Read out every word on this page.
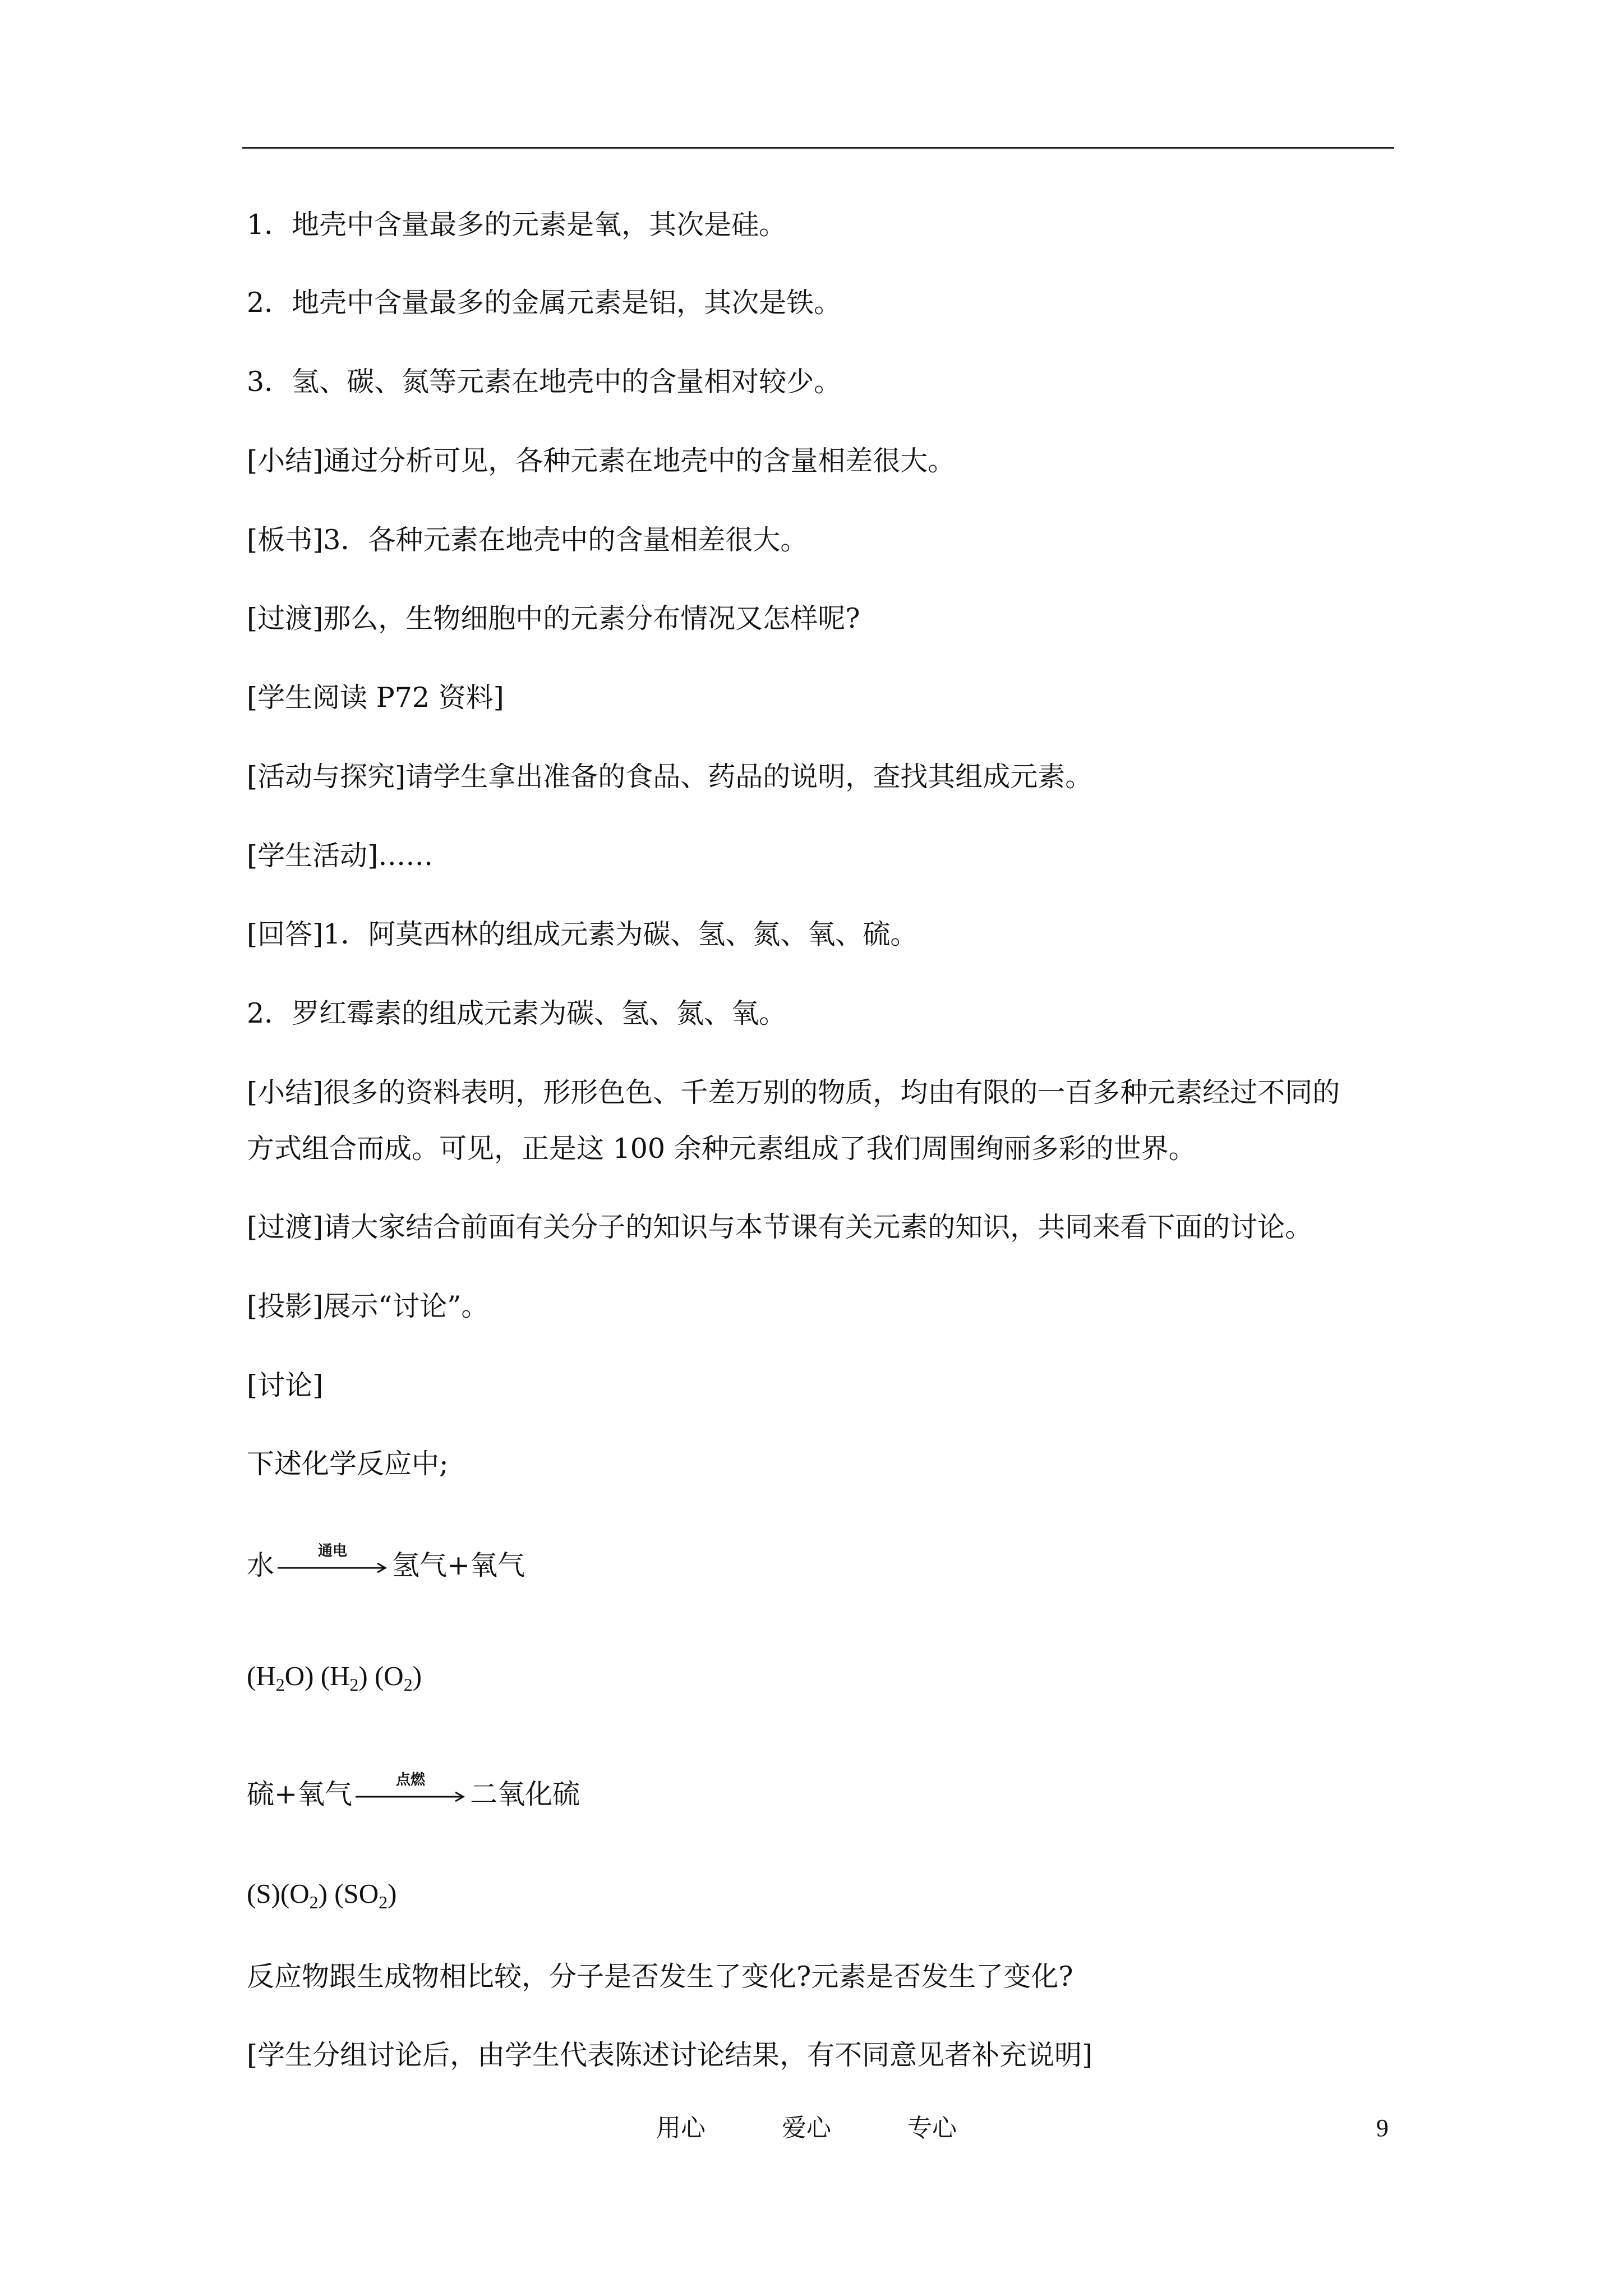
1．地壳中含量最多的元素是氧，其次是硅。
2．地壳中含量最多的金属元素是铝，其次是铁。
3．氢、碳、氮等元素在地壳中的含量相对较少。
[小结]通过分析可见，各种元素在地壳中的含量相差很大。
[板书]3．各种元素在地壳中的含量相差很大。
[过渡]那么，生物细胞中的元素分布情况又怎样呢?
[学生阅读 P72 资料]
[活动与探究]请学生拿出准备的食品、药品的说明，查找其组成元素。
[学生活动]……
[回答]1．阿莫西林的组成元素为碳、氢、氮、氧、硫。
2．罗红霉素的组成元素为碳、氢、氮、氧。
[小结]很多的资料表明，形形色色、千差万别的物质，均由有限的一百多种元素经过不同的
方式组合而成。可见，正是这 100 余种元素组成了我们周围绚丽多彩的世界。
[过渡]请大家结合前面有关分子的知识与本节课有关元素的知识，共同来看下面的讨论。
[投影]展示“讨论”。
[讨论]
下述化学反应中;
水	通电	氢气+氧气
$(H_2O)$ $(H_2)$ $(O_2)$
硫+氧气	点燃	二氧化硫
$(S)(O_2)$ $(SO_2)$
反应物跟生成物相比较，分子是否发生了变化?元素是否发生了变化?
[学生分组讨论后，由学生代表陈述讨论结果，有不同意见者补充说明]
用心	爱心	专心	9
